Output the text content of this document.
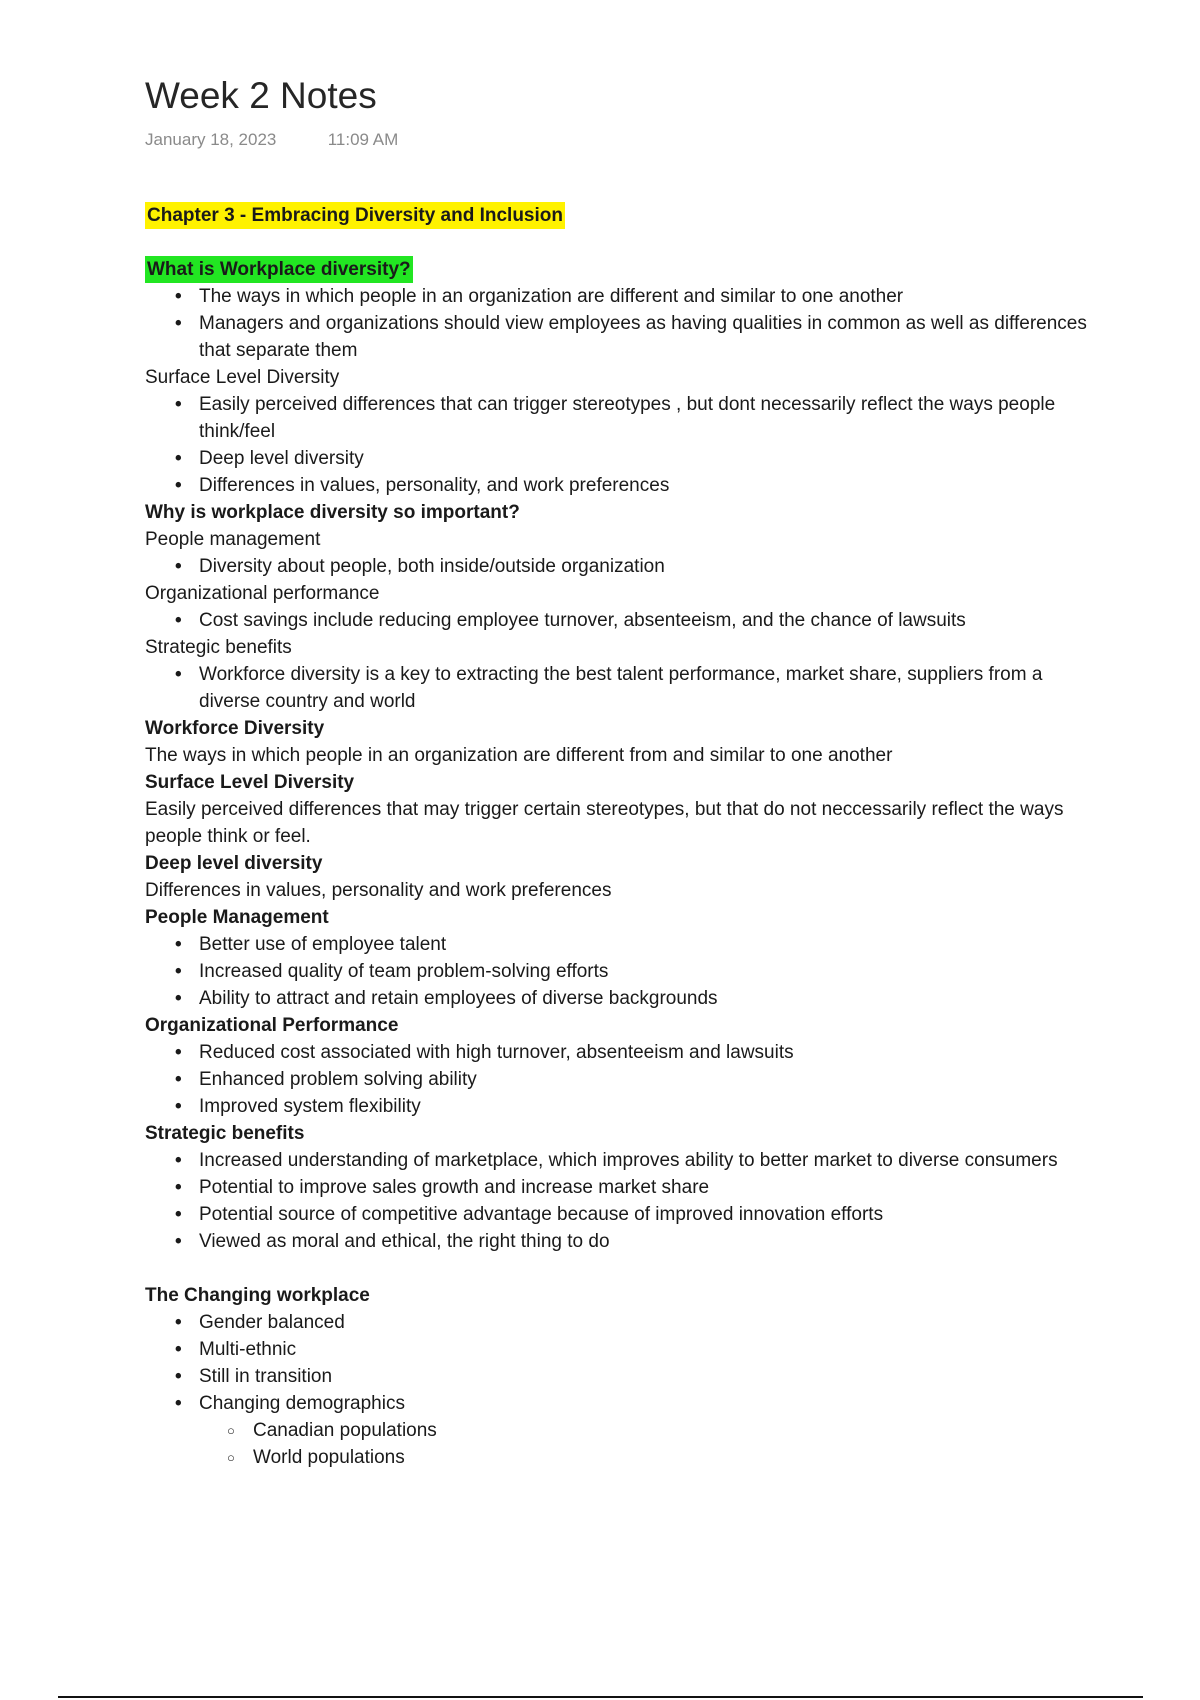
Week 2 Notes
January 18, 2023	11:09 AM
Chapter 3 - Embracing Diversity and Inclusion
What is Workplace diversity?
• The ways in which people in an organization are different and similar to one another
• Managers and organizations should view employees as having qualities in common as well as differences that separate them

Surface Level Diversity

• Easily perceived differences that can trigger stereotypes , but dont necessarily reflect the ways people think/feel
• Deep level diversity
• Differences in values, personality, and work preferences

Why is workplace diversity so important?

People management

• Diversity about people, both inside/outside organization

Organizational performance

• Cost savings include reducing employee turnover, absenteeism, and the chance of lawsuits

Strategic benefits

• Workforce diversity is a key to extracting the best talent performance, market share, suppliers from a diverse country and world

Workforce Diversity

The ways in which people in an organization are different from and similar to one another

Surface Level Diversity

Easily perceived differences that may trigger certain stereotypes, but that do not neccessarily reflect the ways people think or feel.

Deep level diversity

Differences in values, personality and work preferences

People Management

• Better use of employee talent
• Increased quality of team problem-solving efforts
• Ability to attract and retain employees of diverse backgrounds

Organizational Performance

• Reduced cost associated with high turnover, absenteeism and lawsuits
• Enhanced problem solving ability
• Improved system flexibility

Strategic benefits

• Increased understanding of marketplace, which improves ability to better market to diverse consumers
• Potential to improve sales growth and increase market share
• Potential source of competitive advantage because of improved innovation efforts
• Viewed as moral and ethical, the right thing to do

The Changing workplace

• Gender balanced
• Multi-ethnic
• Still in transition
• Changing demographics
○ Canadian populations
○ World populations
